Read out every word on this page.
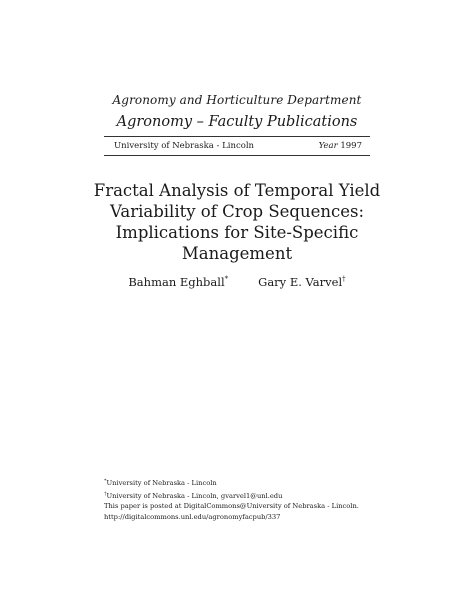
Agronomy and Horticulture Department
Agronomy – Faculty Publications
University of Nebraska - Lincoln	Year 1997
Fractal Analysis of Temporal Yield
Variability of Crop Sequences:
Implications for Site-Specific
Management
Bahman Eghball*	Gary E. Varvel†
*University of Nebraska - Lincoln
†University of Nebraska - Lincoln, gvarvel1@unl.edu
This paper is posted at DigitalCommons@University of Nebraska - Lincoln.
http://digitalcommons.unl.edu/agronomyfacpub/337
